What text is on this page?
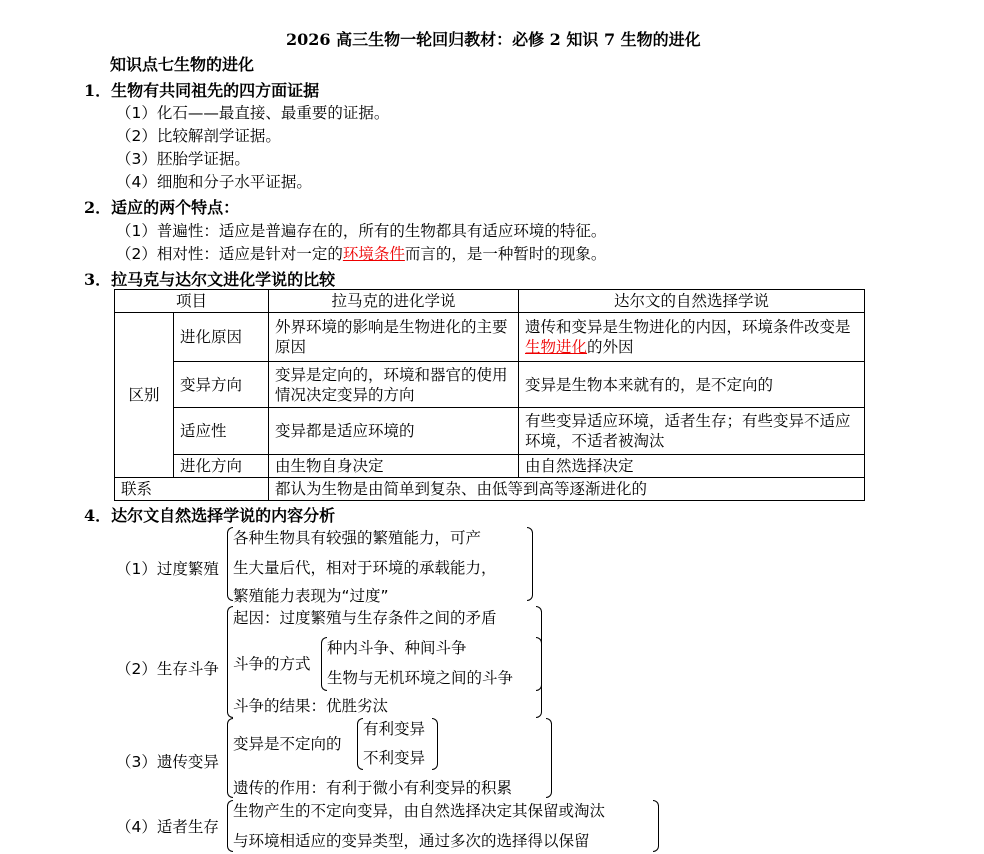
2026 高三生物一轮回归教材：必修 2 知识 7 生物的进化
知识点七生物的进化
1．生物有共同祖先的四方面证据
（1）化石——最直接、最重要的证据。
（2）比较解剖学证据。
（3）胚胎学证据。
（4）细胞和分子水平证据。
2．适应的两个特点：
（1）普遍性：适应是普遍存在的，所有的生物都具有适应环境的特征。
（2）相对性：适应是针对一定的环境条件而言的，是一种暂时的现象。
3．拉马克与达尔文进化学说的比较
项目		拉马克的进化学说	达尔文的自然选择学说
区别	进化原因	外界环境的影响是生物进化的主要原因	遗传和变异是生物进化的内因，环境条件改变是生物进化的外因
	变异方向	变异是定向的，环境和器官的使用情况决定变异的方向	变异是生物本来就有的，是不定向的
	适应性	变异都是适应环境的	有些变异适应环境，适者生存；有些变异不适应环境，不适者被淘汰
	进化方向	由生物自身决定	由自然选择决定
联系		都认为生物是由简单到复杂、由低等到高等逐渐进化的	
4．达尔文自然选择学说的内容分析
（1）过度繁殖
各种生物具有较强的繁殖能力，可产
生大量后代，相对于环境的承载能力，
繁殖能力表现为“过度”
（2）生存斗争
起因：过度繁殖与生存条件之间的矛盾
斗争的方式
种内斗争、种间斗争
生物与无机环境之间的斗争
斗争的结果：优胜劣汰
（3）遗传变异
变异是不定向的
有利变异
不利变异
遗传的作用：有利于微小有利变异的积累
（4）适者生存
生物产生的不定向变异，由自然选择决定其保留或淘汰
与环境相适应的变异类型，通过多次的选择得以保留
